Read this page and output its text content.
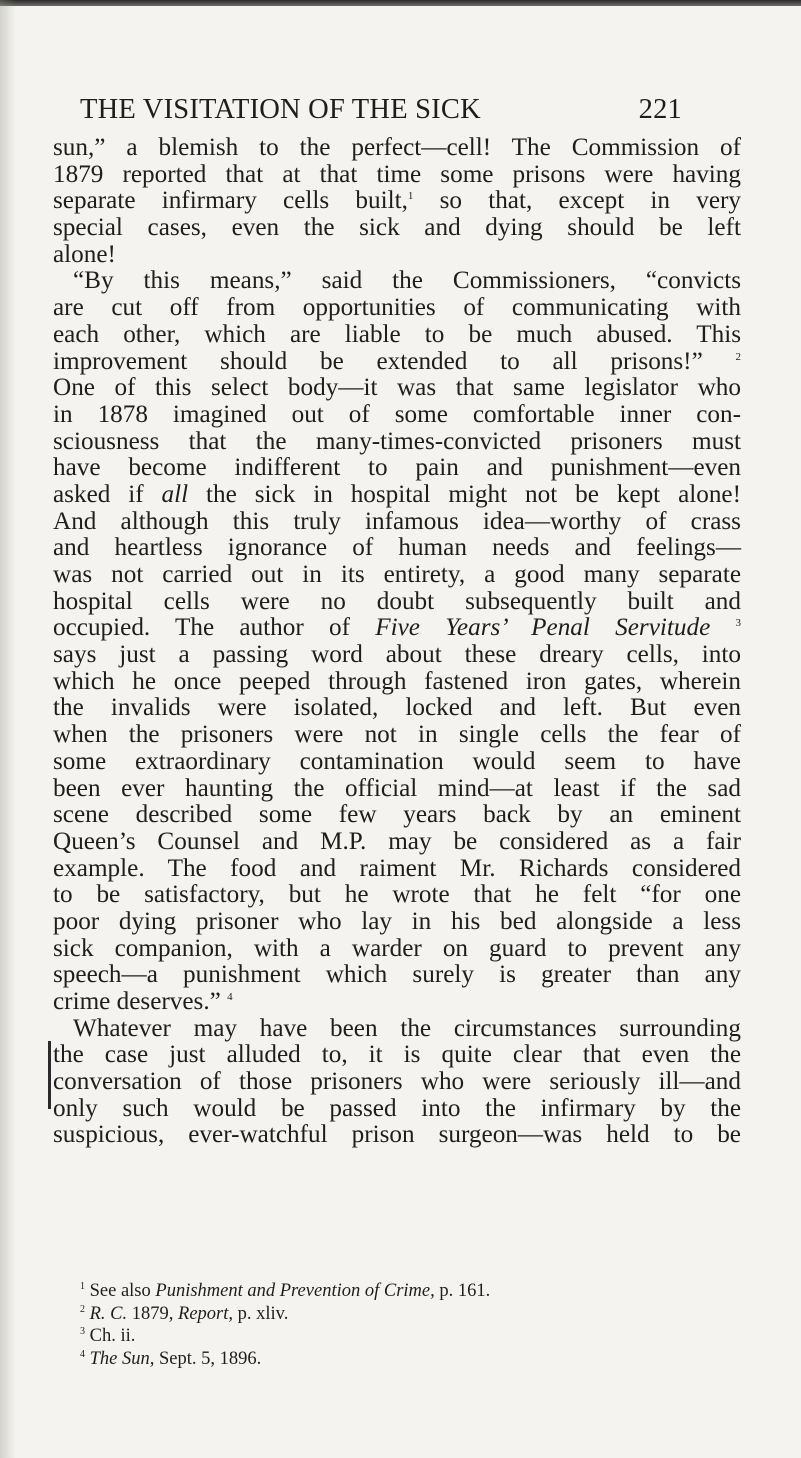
THE VISITATION OF THE SICK	221
sun,” a blemish to the perfect—cell! The Commission of
1879 reported that at that time some prisons were having
separate infirmary cells built,$^1$ so that, except in very
special cases, even the sick and dying should be left
alone!
“By this means,” said the Commissioners, “convicts
are cut off from opportunities of communicating with
each other, which are liable to be much abused. This
improvement should be extended to all prisons!”	$^2$
One of this select body—it was that same legislator who
in 1878 imagined out of some comfortable inner con-
sciousness that the many-times-convicted prisoners must
have become indifferent to pain and punishment—even
asked if all the sick in hospital might not be kept alone!
And although this truly infamous idea—worthy of crass
and heartless ignorance of human needs and feelings—
was not carried out in its entirety, a good many separate
hospital cells were no doubt subsequently built and
occupied. The author of Five Years’ Penal Servitude $^3$
says just a passing word about these dreary cells, into
which he once peeped through fastened iron gates, wherein
the invalids were isolated, locked and left. But even
when the prisoners were not in single cells the fear of
some extraordinary contamination would seem to have
been ever haunting the official mind—at least if the sad
scene described some few years back by an eminent
Queen’s Counsel and M.P. may be considered as a fair
example. The food and raiment Mr. Richards considered
to be satisfactory, but he wrote that he felt “for one
poor dying prisoner who lay in his bed alongside a less
sick companion, with a warder on guard to prevent any
speech—a punishment which surely is greater than any
crime deserves.” $^4$
Whatever may have been the circumstances surrounding
the case just alluded to, it is quite clear that even the
conversation of those prisoners who were seriously ill—and
only such would be passed into the infirmary by the
suspicious, ever-watchful prison surgeon—was held to be
$^1$ See also Punishment and Prevention of Crime, p. 161.
$^2$ R. C. 1879, Report, p. xliv.
$^3$ Ch. ii.
$^4$ The Sun, Sept. 5, 1896.
